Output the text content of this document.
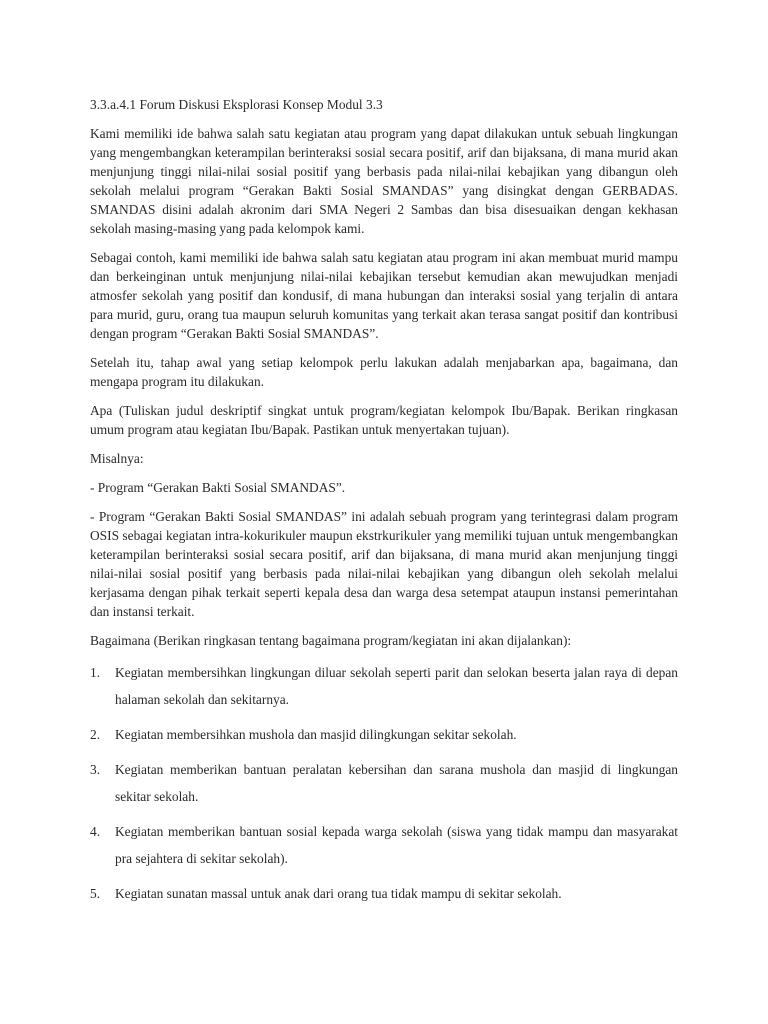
3.3.a.4.1 Forum Diskusi Eksplorasi Konsep Modul 3.3

Kami memiliki ide bahwa salah satu kegiatan atau program yang dapat dilakukan untuk sebuah lingkungan yang mengembangkan keterampilan berinteraksi sosial secara positif, arif dan bijaksana, di mana murid akan menjunjung tinggi nilai-nilai sosial positif yang berbasis pada nilai-nilai kebajikan yang dibangun oleh sekolah melalui program “Gerakan Bakti Sosial SMANDAS” yang disingkat dengan GERBADAS. SMANDAS disini adalah akronim dari SMA Negeri 2 Sambas dan bisa disesuaikan dengan kekhasan sekolah masing-masing yang pada kelompok kami.

Sebagai contoh, kami memiliki ide bahwa salah satu kegiatan atau program ini akan membuat murid mampu dan berkeinginan untuk menjunjung nilai-nilai kebajikan tersebut kemudian akan mewujudkan menjadi atmosfer sekolah yang positif dan kondusif, di mana hubungan dan interaksi sosial yang terjalin di antara para murid, guru, orang tua maupun seluruh komunitas yang terkait akan terasa sangat positif dan kontribusi dengan program “Gerakan Bakti Sosial SMANDAS”.

Setelah itu, tahap awal yang setiap kelompok perlu lakukan adalah menjabarkan apa, bagaimana, dan mengapa program itu dilakukan.

Apa (Tuliskan judul deskriptif singkat untuk program/kegiatan kelompok Ibu/Bapak. Berikan ringkasan umum program atau kegiatan Ibu/Bapak. Pastikan untuk menyertakan tujuan).

Misalnya:

- Program “Gerakan Bakti Sosial SMANDAS”.

- Program “Gerakan Bakti Sosial SMANDAS” ini adalah sebuah program yang terintegrasi dalam program OSIS sebagai kegiatan intra-kokurikuler maupun ekstrkurikuler yang memiliki tujuan untuk mengembangkan keterampilan berinteraksi sosial secara positif, arif dan bijaksana, di mana murid akan menjunjung tinggi nilai-nilai sosial positif yang berbasis pada nilai-nilai kebajikan yang dibangun oleh sekolah melalui kerjasama dengan pihak terkait seperti kepala desa dan warga desa setempat ataupun instansi pemerintahan dan instansi terkait.

Bagaimana (Berikan ringkasan tentang bagaimana program/kegiatan ini akan dijalankan):

1.	Kegiatan membersihkan lingkungan diluar sekolah seperti parit dan selokan beserta jalan raya di depan halaman sekolah dan sekitarnya.
2.	Kegiatan membersihkan mushola dan masjid dilingkungan sekitar sekolah.
3.	Kegiatan memberikan bantuan peralatan kebersihan dan sarana mushola dan masjid di lingkungan sekitar sekolah.
4.	Kegiatan memberikan bantuan sosial kepada warga sekolah (siswa yang tidak mampu dan masyarakat pra sejahtera di sekitar sekolah).
5.	Kegiatan sunatan massal untuk anak dari orang tua tidak mampu di sekitar sekolah.
